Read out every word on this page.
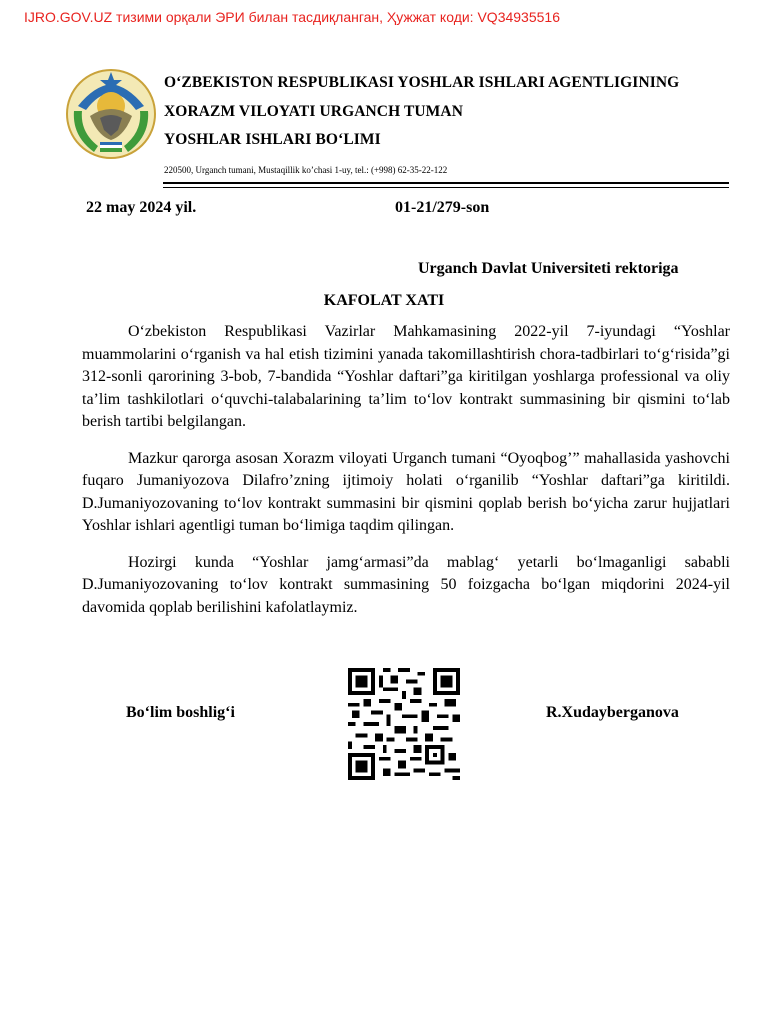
IJRO.GOV.UZ тизими орқали ЭРИ билан тасдиқланган, Ҳужжат коди: VQ34935516
O‘ZBEKISTON RESPUBLIKASI YOSHLAR ISHLARI AGENTLIGINING
XORAZM VILOYATI URGANCH TUMAN
YOSHLAR ISHLARI BO‘LIMI
220500, Urganch tumani, Mustaqillik ko’chasi 1-uy, tel.: (+998) 62-35-22-122
22 may 2024 yil.	01-21/279-son
Urganch Davlat Universiteti rektoriga
KAFOLAT XATI

O‘zbekiston Respublikasi Vazirlar Mahkamasining 2022-yil 7-iyundagi “Yoshlar muammolarini o‘rganish va hal etish tizimini yanada takomillashtirish chora-tadbirlari to‘g‘risida”gi 312-sonli qarorining 3-bob, 7-bandida “Yoshlar daftari”ga kiritilgan yoshlarga professional va oliy ta’lim tashkilotlari o‘quvchi-talabalarining ta’lim to‘lov kontrakt summasining bir qismini to‘lab berish tartibi belgilangan.

Mazkur qarorga asosan Xorazm viloyati Urganch tumani “Oyoqbog’” mahallasida yashovchi fuqaro Jumaniyozova Dilafro’zning ijtimoiy holati o‘rganilib “Yoshlar daftari”ga kiritildi. D.Jumaniyozovaning to‘lov kontrakt summasini bir qismini qoplab berish bo‘yicha zarur hujjatlari Yoshlar ishlari agentligi tuman bo‘limiga taqdim qilingan.

Hozirgi kunda “Yoshlar jamg‘armasi”da mablag‘ yetarli bo‘lmaganligi sababli D.Jumaniyozovaning to‘lov kontrakt summasining 50 foizgacha bo‘lgan miqdorini 2024-yil davomida qoplab berilishini kafolatlaymiz.

Bo‘lim boshlig‘i	R.Xudayberganova
